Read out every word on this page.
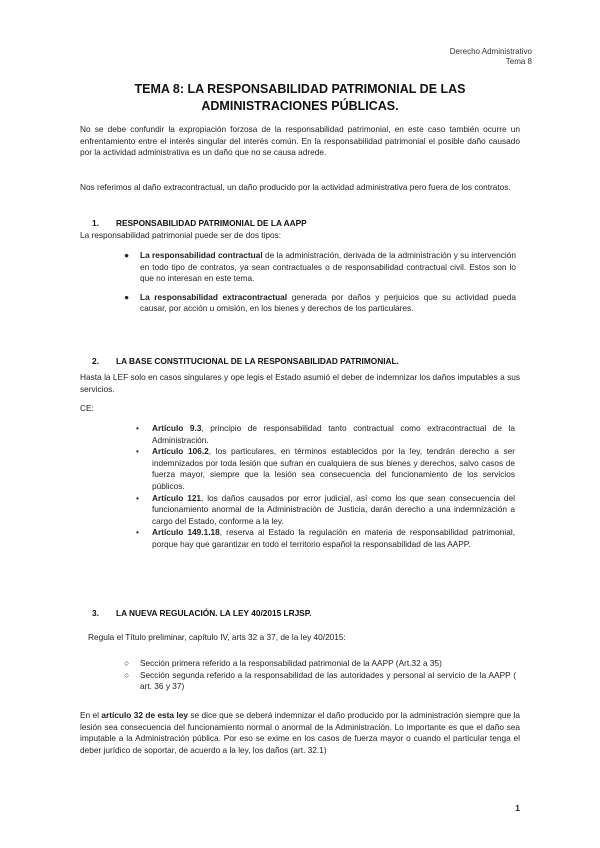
Derecho Administrativo
Tema 8
TEMA 8: LA RESPONSABILIDAD PATRIMONIAL DE LAS
ADMINISTRACIONES PÚBLICAS.
No se debe confundir la expropiación forzosa de la responsabilidad patrimonial, en este caso también ocurre un enfrentamiento entre el interés singular del interés común. En la responsabilidad patrimonial el posible daño causado por la actividad administrativa es un daño que no se causa adrede.
Nos referimos al daño extracontractual, un daño producido por la actividad administrativa pero fuera de los contratos.
1. RESPONSABILIDAD PATRIMONIAL DE LA AAPP
La responsabilidad patrimonial puede ser de dos tipos:
● La responsabilidad contractual de la administración, derivada de la administración y su intervención en todo tipo de contratos, ya sean contractuales o de responsabilidad contractual civil. Estos son lo que no interesan en este tema.
● La responsabilidad extracontractual generada por daños y perjuicios que su actividad pueda causar, por acción u omisión, en los bienes y derechos de los particulares.
2. LA BASE CONSTITUCIONAL DE LA RESPONSABILIDAD PATRIMONIAL.
Hasta la LEF solo en casos singulares y ope legis el Estado asumió el deber de indemnizar los daños imputables a sus servicios.
CE:
• Artículo 9.3, principio de responsabilidad tanto contractual como extracontractual de la Administración.
• Artículo 106.2, los particulares, en términos establecidos por la ley, tendrán derecho a ser indemnizados por toda lesión que sufran en cualquiera de sus bienes y derechos, salvo casos de fuerza mayor, siempre que la lesión sea consecuencia del funcionamiento de los servicios públicos.
• Artículo 121, los daños causados por error judicial, así como los que sean consecuencia del funcionamiento anormal de la Administración de Justicia, darán derecho a una indemnización a cargo del Estado, conforme a la ley.
• Artículo 149.1.18, reserva al Estado la regulación en materia de responsabilidad patrimonial, porque hay que garantizar en todo el territorio español la responsabilidad de las AAPP.
3. LA NUEVA REGULACIÓN. LA LEY 40/2015 LRJSP.
Regula el Título preliminar, capítulo IV, arts 32 a 37, de la ley 40/2015:
○ Sección primera referido a la responsabilidad patrimonial de la AAPP (Art.32 a 35)
○ Sección segunda referido a la responsabilidad de las autoridades y personal al servicio de la AAPP ( art. 36 y 37)
En el artículo 32 de esta ley se dice que se deberá indemnizar el daño producido por la administración siempre que la lesión sea consecuencia del funcionamiento normal o anormal de la Administración. Lo importante es que el daño sea imputable a la Administración pública. Por eso se exime en los casos de fuerza mayor o cuando el particular tenga el deber jurídico de soportar, de acuerdo a la ley, los daños (art. 32.1)
1
